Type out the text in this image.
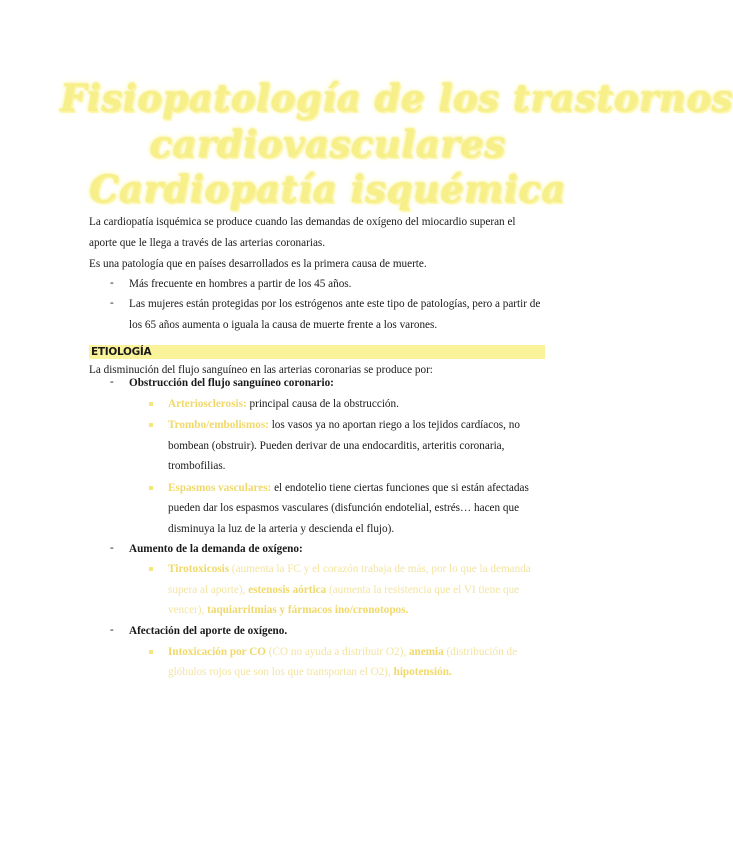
Fisiopatología de los trastornos
cardiovasculares
Cardiopatía isquémica
La cardiopatía isquémica se produce cuando las demandas de oxígeno del miocardio superan el
aporte que le llega a través de las arterias coronarias.
Es una patología que en países desarrollados es la primera causa de muerte.
- Más frecuente en hombres a partir de los 45 años.
- Las mujeres están protegidas por los estrógenos ante este tipo de patologías, pero a partir de
los 65 años aumenta o iguala la causa de muerte frente a los varones.
ETIOLOGÍA
La disminución del flujo sanguíneo en las arterias coronarias se produce por:
- Obstrucción del flujo sanguíneo coronario:
Arteriosclerosis: principal causa de la obstrucción.
Trombo/embolismos: los vasos ya no aportan riego a los tejidos cardíacos, no
bombean (obstruir). Pueden derivar de una endocarditis, arteritis coronaria,
trombofilias.
Espasmos vasculares: el endotelio tiene ciertas funciones que si están afectadas
pueden dar los espasmos vasculares (disfunción endotelial, estrés… hacen que
disminuya la luz de la arteria y descienda el flujo).
- Aumento de la demanda de oxígeno:
Tirotoxicosis (aumenta la FC y el corazón trabaja de más, por lo que la demanda
supera al aporte), estenosis aórtica (aumenta la resistencia que el VI tiene que
vencer), taquiarritmias y fármacos ino/cronotopos.
- Afectación del aporte de oxígeno.
Intoxicación por CO (CO no ayuda a distribuir O2), anemia (distribución de
glóbulos rojos que son los que transportan el O2), hipotensión.
